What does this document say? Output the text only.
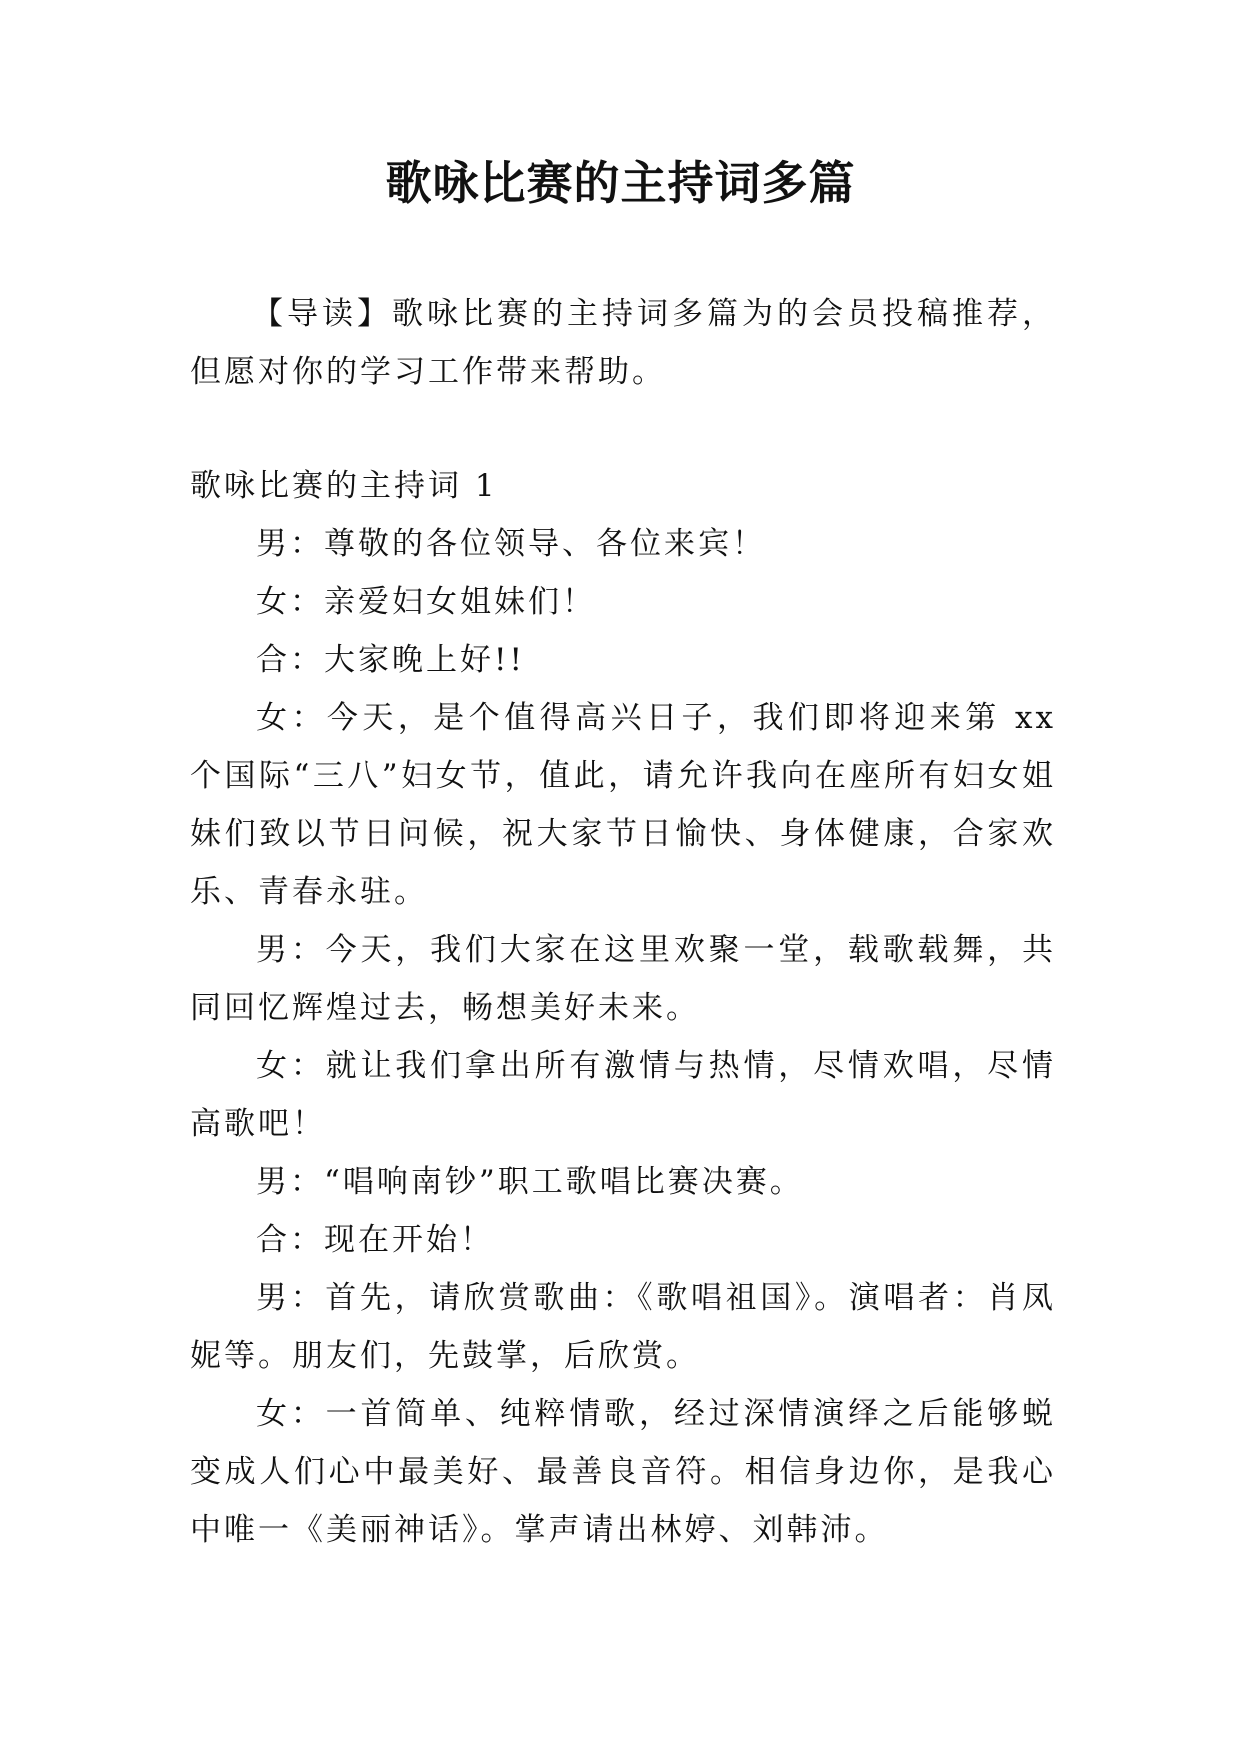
歌咏比赛的主持词多篇

【导读】歌咏比赛的主持词多篇为的会员投稿推荐，但愿对你的学习工作带来帮助。

歌咏比赛的主持词 1

男：尊敬的各位领导、各位来宾！

女：亲爱妇女姐妹们！

合：大家晚上好!!

女：今天，是个值得高兴日子，我们即将迎来第 xx 个国际“三八”妇女节，值此，请允许我向在座所有妇女姐妹们致以节日问候，祝大家节日愉快、身体健康，合家欢乐、青春永驻。

男：今天，我们大家在这里欢聚一堂，载歌载舞，共同回忆辉煌过去，畅想美好未来。

女：就让我们拿出所有激情与热情，尽情欢唱，尽情高歌吧！

男：“唱响南钞”职工歌唱比赛决赛。

合：现在开始！

男：首先，请欣赏歌曲：《歌唱祖国》。演唱者：肖凤妮等。朋友们，先鼓掌，后欣赏。

女：一首简单、纯粹情歌，经过深情演绎之后能够蜕变成人们心中最美好、最善良音符。相信身边你，是我心中唯一《美丽神话》。掌声请出林婷、刘韩沛。
